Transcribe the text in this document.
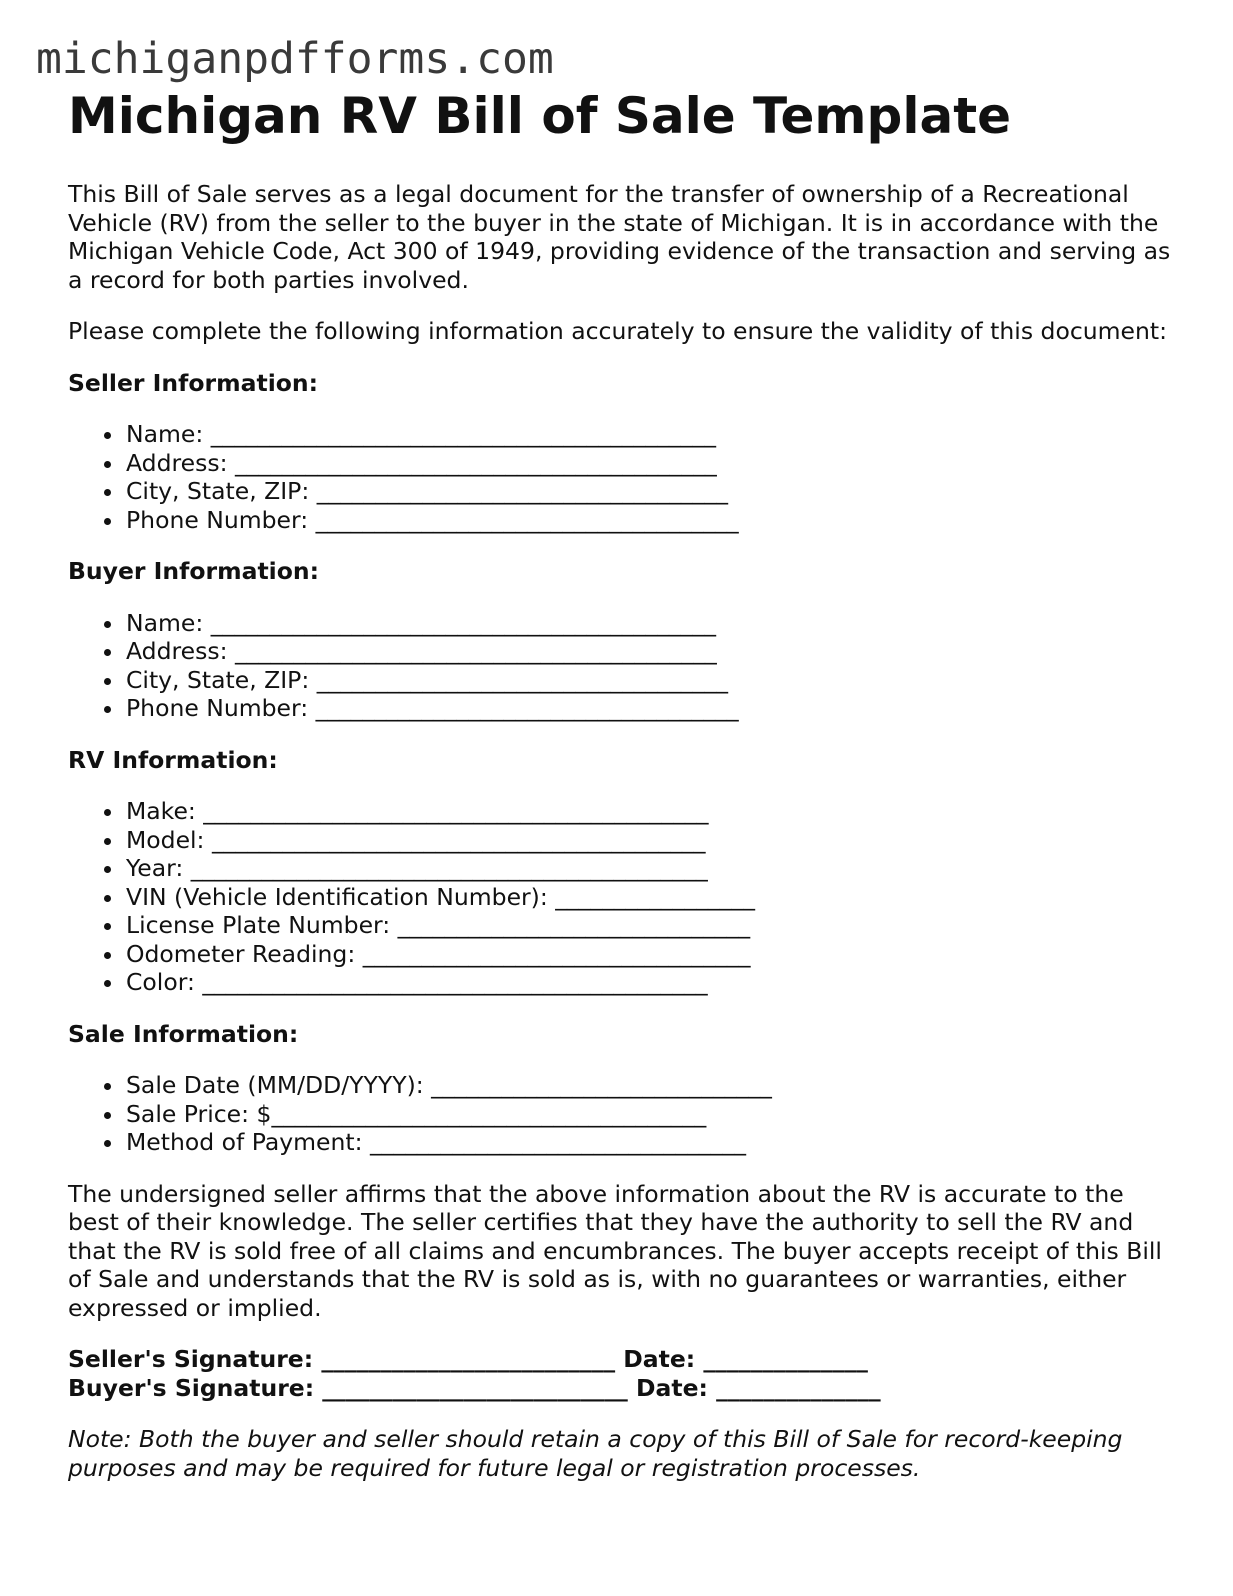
michiganpdfforms.com
Michigan RV Bill of Sale Template

This Bill of Sale serves as a legal document for the transfer of ownership of a Recreational Vehicle (RV) from the seller to the buyer in the state of Michigan. It is in accordance with the Michigan Vehicle Code, Act 300 of 1949, providing evidence of the transaction and serving as a record for both parties involved.

Please complete the following information accurately to ensure the validity of this document:

Seller Information:
Name: ___________________________________________
Address: _________________________________________
City, State, ZIP: ___________________________________
Phone Number: ____________________________________
Buyer Information:
Name: ___________________________________________
Address: _________________________________________
City, State, ZIP: ___________________________________
Phone Number: ____________________________________
RV Information:
Make: ___________________________________________
Model: __________________________________________
Year: ____________________________________________
VIN (Vehicle Identification Number): _________________
License Plate Number: ______________________________
Odometer Reading: _________________________________
Color: ___________________________________________
Sale Information:
Sale Date (MM/DD/YYYY): _____________________________
Sale Price: $_____________________________________
Method of Payment: ________________________________

The undersigned seller affirms that the above information about the RV is accurate to the best of their knowledge. The seller certifies that they have the authority to sell the RV and that the RV is sold free of all claims and encumbrances. The buyer accepts receipt of this Bill of Sale and understands that the RV is sold as is, with no guarantees or warranties, either expressed or implied.

Seller's Signature: _________________________ Date: ______________
Buyer's Signature: __________________________ Date: ______________

Note: Both the buyer and seller should retain a copy of this Bill of Sale for record-keeping purposes and may be required for future legal or registration processes.
